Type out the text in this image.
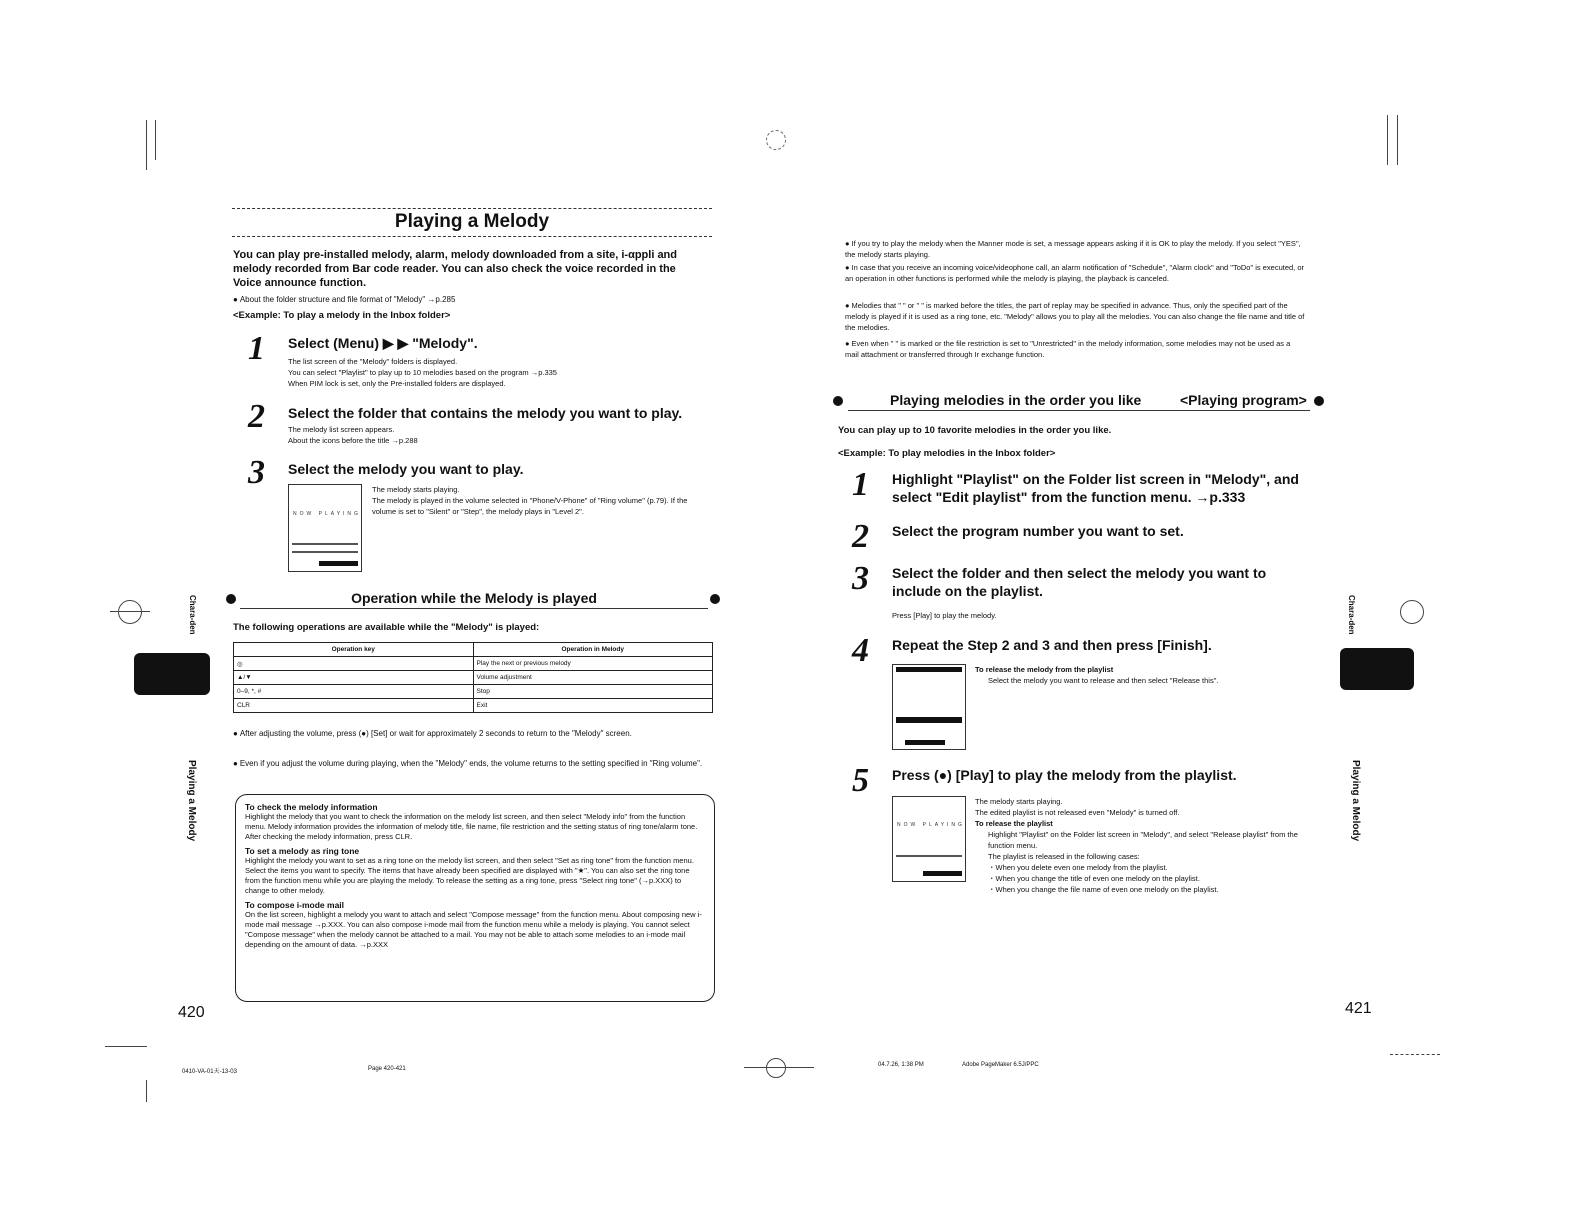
Playing a Melody
You can play pre-installed melody, alarm, melody downloaded from a site, i-αppli and melody recorded from Bar code reader. You can also check the voice recorded in the Voice announce function.
● About the folder structure and file format of "Melody" →p.285
<Example: To play a melody in the Inbox folder>
1 Select (Menu) ▶ ▶ "Melody".
The list screen of the "Melody" folders is displayed.
You can select "Playlist" to play up to 10 melodies based on the program →p.335
When PIM lock is set, only the Pre-installed folders are displayed.
2 Select the folder that contains the melody you want to play.
The melody list screen appears.
About the icons before the title →p.288
3 Select the melody you want to play.
NOW PLAYING
The melody starts playing.
The melody is played in the volume selected in "Phone/V-Phone" of "Ring volume" (p.79). If the volume is set to "Silent" or "Step", the melody plays in "Level 2".
Operation while the Melody is played
The following operations are available while the "Melody" is played:
Operation key	Operation in Melody
◎	Play the next or previous melody
▲/▼	Volume adjustment
0–9, *, #	Stop
CLR	Exit
● After adjusting the volume, press (●) [Set] or wait for approximately 2 seconds to return to the "Melody" screen.
● Even if you adjust the volume during playing, when the "Melody" ends, the volume returns to the setting specified in "Ring volume".
To check the melody information
Highlight the melody that you want to check the information on the melody list screen, and then select "Melody info" from the function menu. Melody information provides the information of melody title, file name, file restriction and the setting status of ring tone/alarm tone. After checking the melody information, press CLR.
To set a melody as ring tone
Highlight the melody you want to set as a ring tone on the melody list screen, and then select "Set as ring tone" from the function menu. Select the items you want to specify. The items that have already been specified are displayed with "★". You can also set the ring tone from the function menu while you are playing the melody. To release the setting as a ring tone, press "Select ring tone" (→p.XXX) to change to other melody.
To compose i-mode mail
On the list screen, highlight a melody you want to attach and select "Compose message" from the function menu. About composing new i-mode mail message →p.XXX. You can also compose i-mode mail from the function menu while a melody is playing. You cannot select "Compose message" when the melody cannot be attached to a mail. You may not be able to attach some melodies to an i-mode mail depending on the amount of data. →p.XXX
Chara-den
Playing a Melody
420
0410-VA-01天-13-03	Page 420-421
● If you try to play the melody when the Manner mode is set, a message appears asking if it is OK to play the melody. If you select "YES", the melody starts playing.
● In case that you receive an incoming voice/videophone call, an alarm notification of "Schedule", "Alarm clock" and "ToDo" is executed, or an operation in other functions is performed while the melody is playing, the playback is canceled.
● Melodies that " " or " " is marked before the titles, the part of replay may be specified in advance. Thus, only the specified part of the melody is played if it is used as a ring tone, etc. "Melody" allows you to play all the melodies. You can also change the file name and title of the melodies.
● Even when " " is marked or the file restriction is set to "Unrestricted" in the melody information, some melodies may not be used as a mail attachment or transferred through Ir exchange function.
Playing melodies in the order you like	<Playing program>
You can play up to 10 favorite melodies in the order you like.
<Example: To play melodies in the Inbox folder>
1 Highlight "Playlist" on the Folder list screen in "Melody", and select "Edit playlist" from the function menu. →p.333
2 Select the program number you want to set.
3 Select the folder and then select the melody you want to include on the playlist.
Press [Play] to play the melody.
4 Repeat the Step 2 and 3 and then press [Finish].
To release the melody from the playlist
Select the melody you want to release and then select "Release this".
5 Press (●) [Play] to play the melody from the playlist.
NOW PLAYING
The melody starts playing.
The edited playlist is not released even "Melody" is turned off.
To release the playlist
Highlight "Playlist" on the Folder list screen in "Melody", and select "Release playlist" from the function menu.
The playlist is released in the following cases:
・When you delete even one melody from the playlist.
・When you change the title of even one melody on the playlist.
・When you change the file name of even one melody on the playlist.
Chara-den
Playing a Melody
421
04.7.26, 1:38 PM	Adobe PageMaker 6.5J/PPC
